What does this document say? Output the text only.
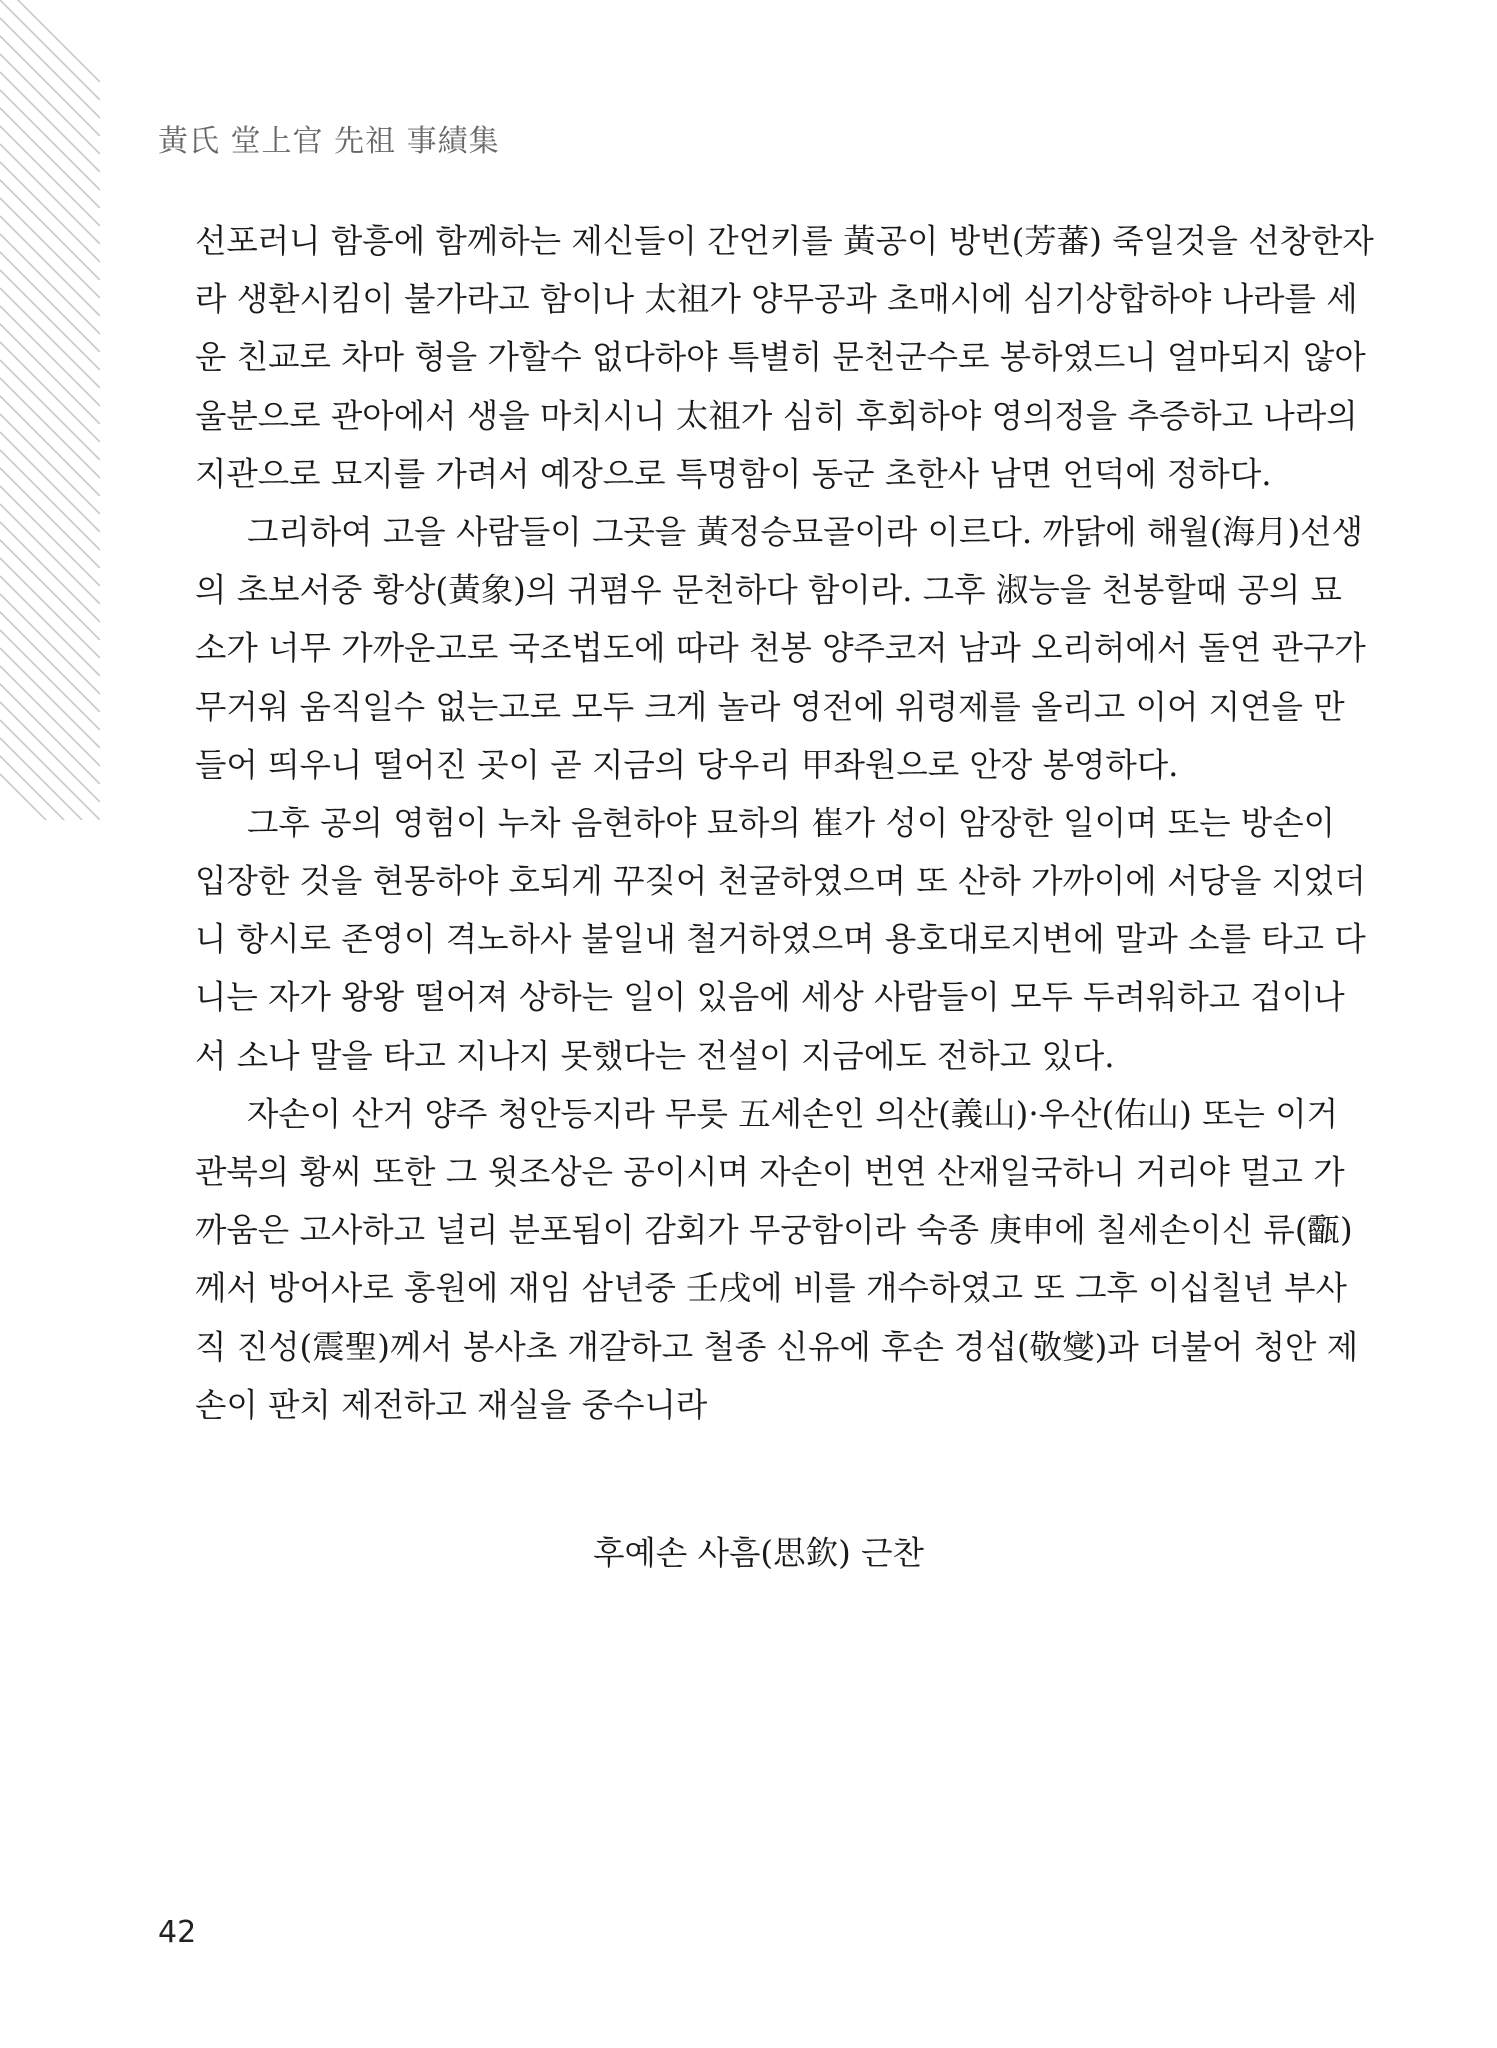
黃氏 堂上官 先祖 事績集
선포러니 함흥에 함께하는 제신들이 간언키를 黃공이 방번(芳蕃) 죽일것을 선창한자
라 생환시킴이 불가라고 함이나 太祖가 양무공과 초매시에 심기상합하야 나라를 세
운 친교로 차마 형을 가할수 없다하야 특별히 문천군수로 봉하였드니 얼마되지 않아
울분으로 관아에서 생을 마치시니 太祖가 심히 후회하야 영의정을 추증하고 나라의
지관으로 묘지를 가려서 예장으로 특명함이 동군 초한사 남면 언덕에 정하다.
그리하여 고을 사람들이 그곳을 黃정승묘골이라 이르다. 까닭에 해월(海月)선생
의 초보서중 황상(黃象)의 귀폄우 문천하다 함이라. 그후 淑능을 천봉할때 공의 묘
소가 너무 가까운고로 국조법도에 따라 천봉 양주코저 남과 오리허에서 돌연 관구가
무거워 움직일수 없는고로 모두 크게 놀라 영전에 위령제를 올리고 이어 지연을 만
들어 띄우니 떨어진 곳이 곧 지금의 당우리 甲좌원으로 안장 봉영하다.
그후 공의 영험이 누차 음현하야 묘하의 崔가 성이 암장한 일이며 또는 방손이
입장한 것을 현몽하야 호되게 꾸짖어 천굴하였으며 또 산하 가까이에 서당을 지었더
니 항시로 존영이 격노하사 불일내 철거하였으며 용호대로지변에 말과 소를 타고 다
니는 자가 왕왕 떨어져 상하는 일이 있음에 세상 사람들이 모두 두려워하고 겁이나
서 소나 말을 타고 지나지 못했다는 전설이 지금에도 전하고 있다.
자손이 산거 양주 청안등지라 무릇 五세손인 의산(義山)·우산(佑山) 또는 이거
관북의 황씨 또한 그 윗조상은 공이시며 자손이 번연 산재일국하니 거리야 멀고 가
까움은 고사하고 널리 분포됨이 감회가 무궁함이라 숙종 庚申에 칠세손이신 류(㽌)
께서 방어사로 홍원에 재임 삼년중 壬戌에 비를 개수하였고 또 그후 이십칠년 부사
직 진성(震聖)께서 봉사초 개갈하고 철종 신유에 후손 경섭(敬燮)과 더불어 청안 제
손이 판치 제전하고 재실을 중수니라
후예손 사흠(思欽) 근찬
42
